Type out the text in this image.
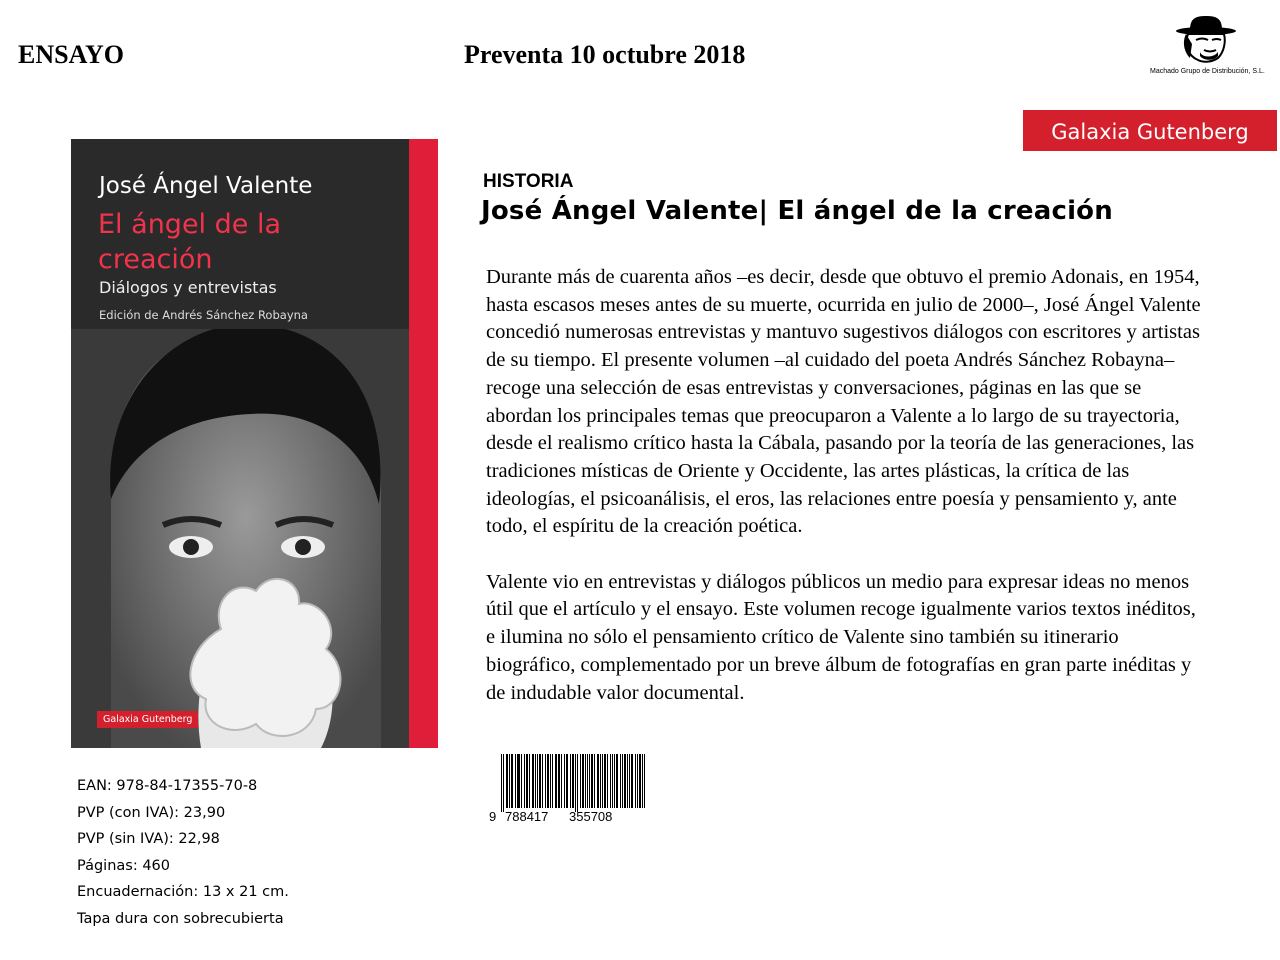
ENSAYO	Preventa 10 octubre 2018
Machado Grupo de Distribución, S.L.
Galaxia Gutenberg
José Ángel Valente
El ángel de la creación
Diálogos y entrevistas
Edición de Andrés Sánchez Robayna
Galaxia Gutenberg
EAN: 978-84-17355-70-8
PVP (con IVA): 23,90
PVP (sin IVA): 22,98
Páginas: 460
Encuadernación: 13 x 21 cm.
Tapa dura con sobrecubierta
HISTORIA
José Ángel Valente| El ángel de la creación

Durante más de cuarenta años –es decir, desde que obtuvo el premio Adonais, en 1954, hasta escasos meses antes de su muerte, ocurrida en julio de 2000–, José Ángel Valente concedió numerosas entrevistas y mantuvo sugestivos diálogos con escritores y artistas de su tiempo. El presente volumen –al cuidado del poeta Andrés Sánchez Robayna– recoge una selección de esas entrevistas y conversaciones, páginas en las que se abordan los principales temas que preocuparon a Valente a lo largo de su trayectoria, desde el realismo crítico hasta la Cábala, pasando por la teoría de las generaciones, las tradiciones místicas de Oriente y Occidente, las artes plásticas, la crítica de las ideologías, el psicoanálisis, el eros, las relaciones entre poesía y pensamiento y, ante todo, el espíritu de la creación poética.

Valente vio en entrevistas y diálogos públicos un medio para expresar ideas no menos útil que el artículo y el ensayo. Este volumen recoge igualmente varios textos inéditos, e ilumina no sólo el pensamiento crítico de Valente sino también su itinerario biográfico, complementado por un breve álbum de fotografías en gran parte inéditas y de indudable valor documental.

9 788417 355708
